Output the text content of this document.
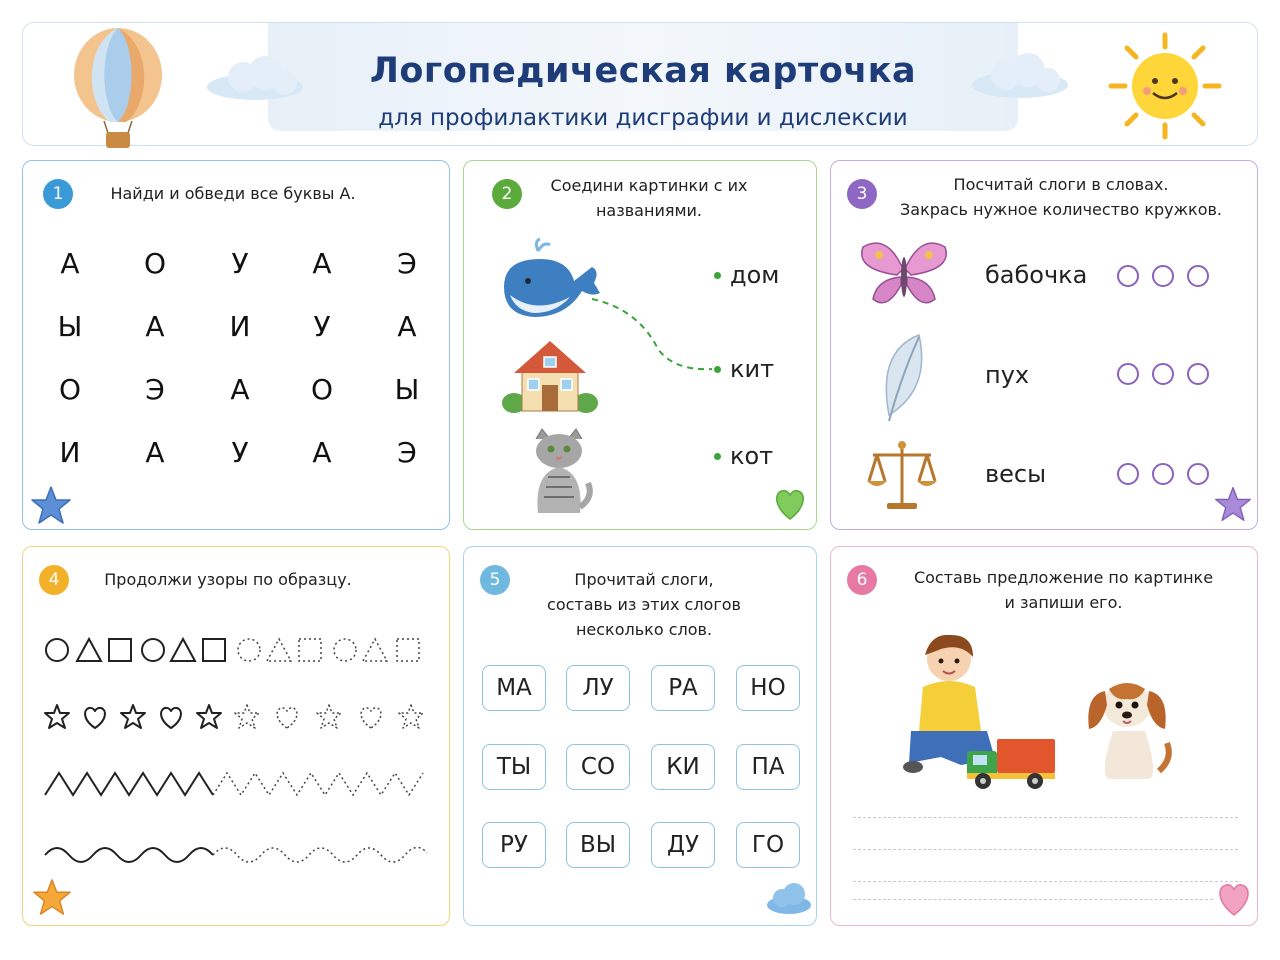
Логопедическая карточка
для профилактики дисграфии и дислексии
1	Найди и обведи все буквы А.
А	О	У	А	Э
Ы	А	И	У	А
О	Э	А	О	Ы
И	А	У	А	Э
2	Соедини картинки с их
названиями.
дом
кит
кот
3	Посчитай слоги в словах.
Закрась нужное количество кружков.
бабочка
пух
весы
4	Продолжи узоры по образцу.	5	Прочитай слоги,
составь из этих слогов
несколько слов.
МА	ЛУ	РА	НО
ТЫ	СО	КИ	ПА
РУ	ВЫ	ДУ	ГО
6	Составь предложение по картинке
и запиши его.
